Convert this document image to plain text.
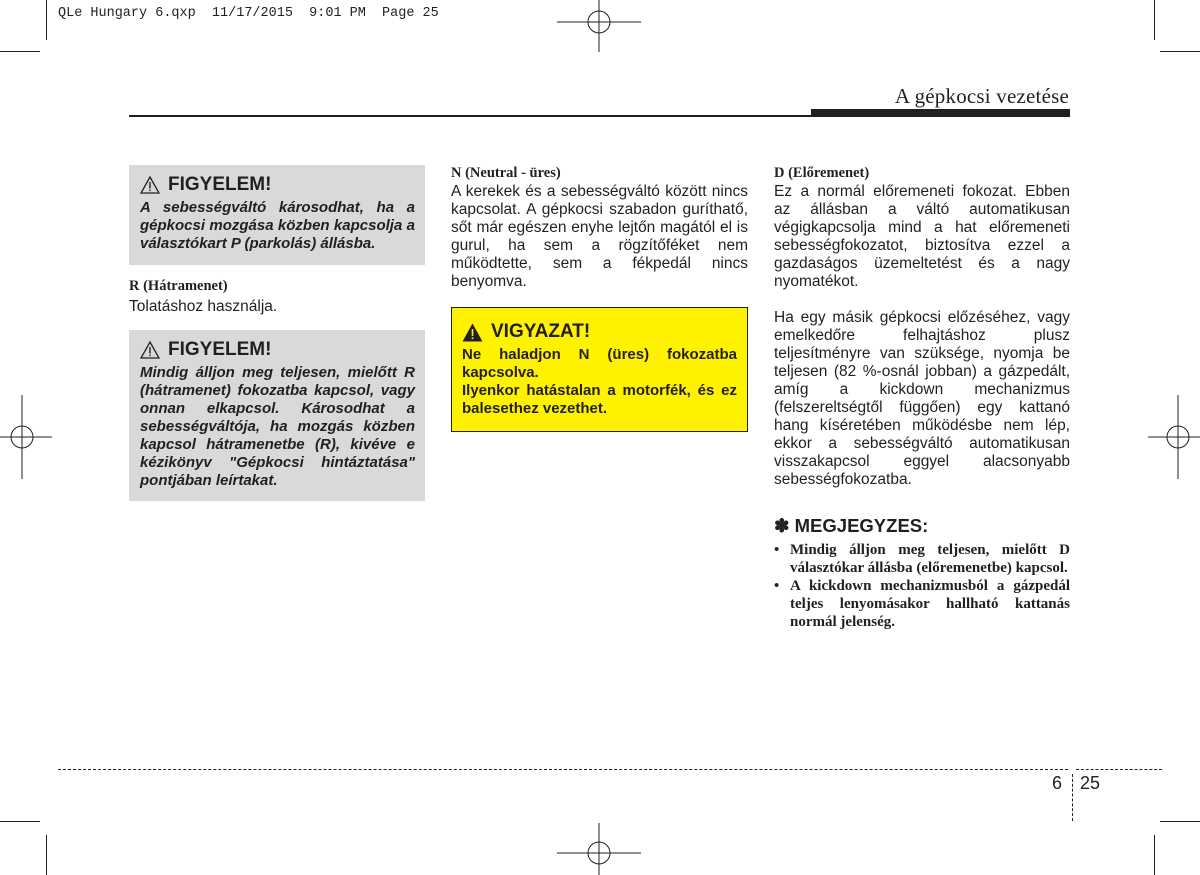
QLe Hungary 6.qxp  11/17/2015  9:01 PM  Page 25
A gépkocsi vezetése
FIGYELEM!
A sebességváltó károsodhat, ha a gépkocsi mozgása közben kapcsolja a választókart P (parkolás) állásba.
R (Hátramenet)

Tolatáshoz használja.

FIGYELEM!
Mindig álljon meg teljesen, mielőtt R (hátramenet) fokozatba kapcsol, vagy onnan elkapcsol. Károsodhat a sebességváltója, ha mozgás közben kapcsol hátramenetbe (R), kivéve e kézikönyv "Gépkocsi hintáztatása" pontjában leírtakat.
N (Neutral - üres)

A kerekek és a sebességváltó között nincs kapcsolat. A gépkocsi szabadon guríthatő, sőt már egészen enyhe lejtőn magától el is gurul, ha sem a rögzítőféket nem működtette, sem a fékpedál nincs benyomva.

VIGYAZAT!

Ne haladjon N (üres) fokozatba kapcsolva.

Ilyenkor hatástalan a motorfék, és ez balesethez vezethet.

D (Előremenet)

Ez a normál előremeneti fokozat. Ebben az állásban a váltó automatikusan végigkapcsolja mind a hat előremeneti sebességfokozatot, biztosítva ezzel a gazdaságos üzemeltetést és a nagy nyomatékot.

Ha egy másik gépkocsi előzéséhez, vagy emelkedőre felhajtáshoz plusz teljesítményre van szüksége, nyomja be teljesen (82 %-osnál jobban) a gázpedált, amíg a kickdown mechanizmus (felszereltségtől függően) egy kattanó hang kíséretében működésbe nem lép, ekkor a sebességváltó automatikusan visszakapcsol eggyel alacsonyabb sebességfokozatba.

✽ MEGJEGYZES:
• Mindig álljon meg teljesen, mielőtt D választókar állásba (előremenetbe) kapcsol.
• A kickdown mechanizmusból a gázpedál teljes lenyomásakor hallható kattanás normál jelenség.
6 25
